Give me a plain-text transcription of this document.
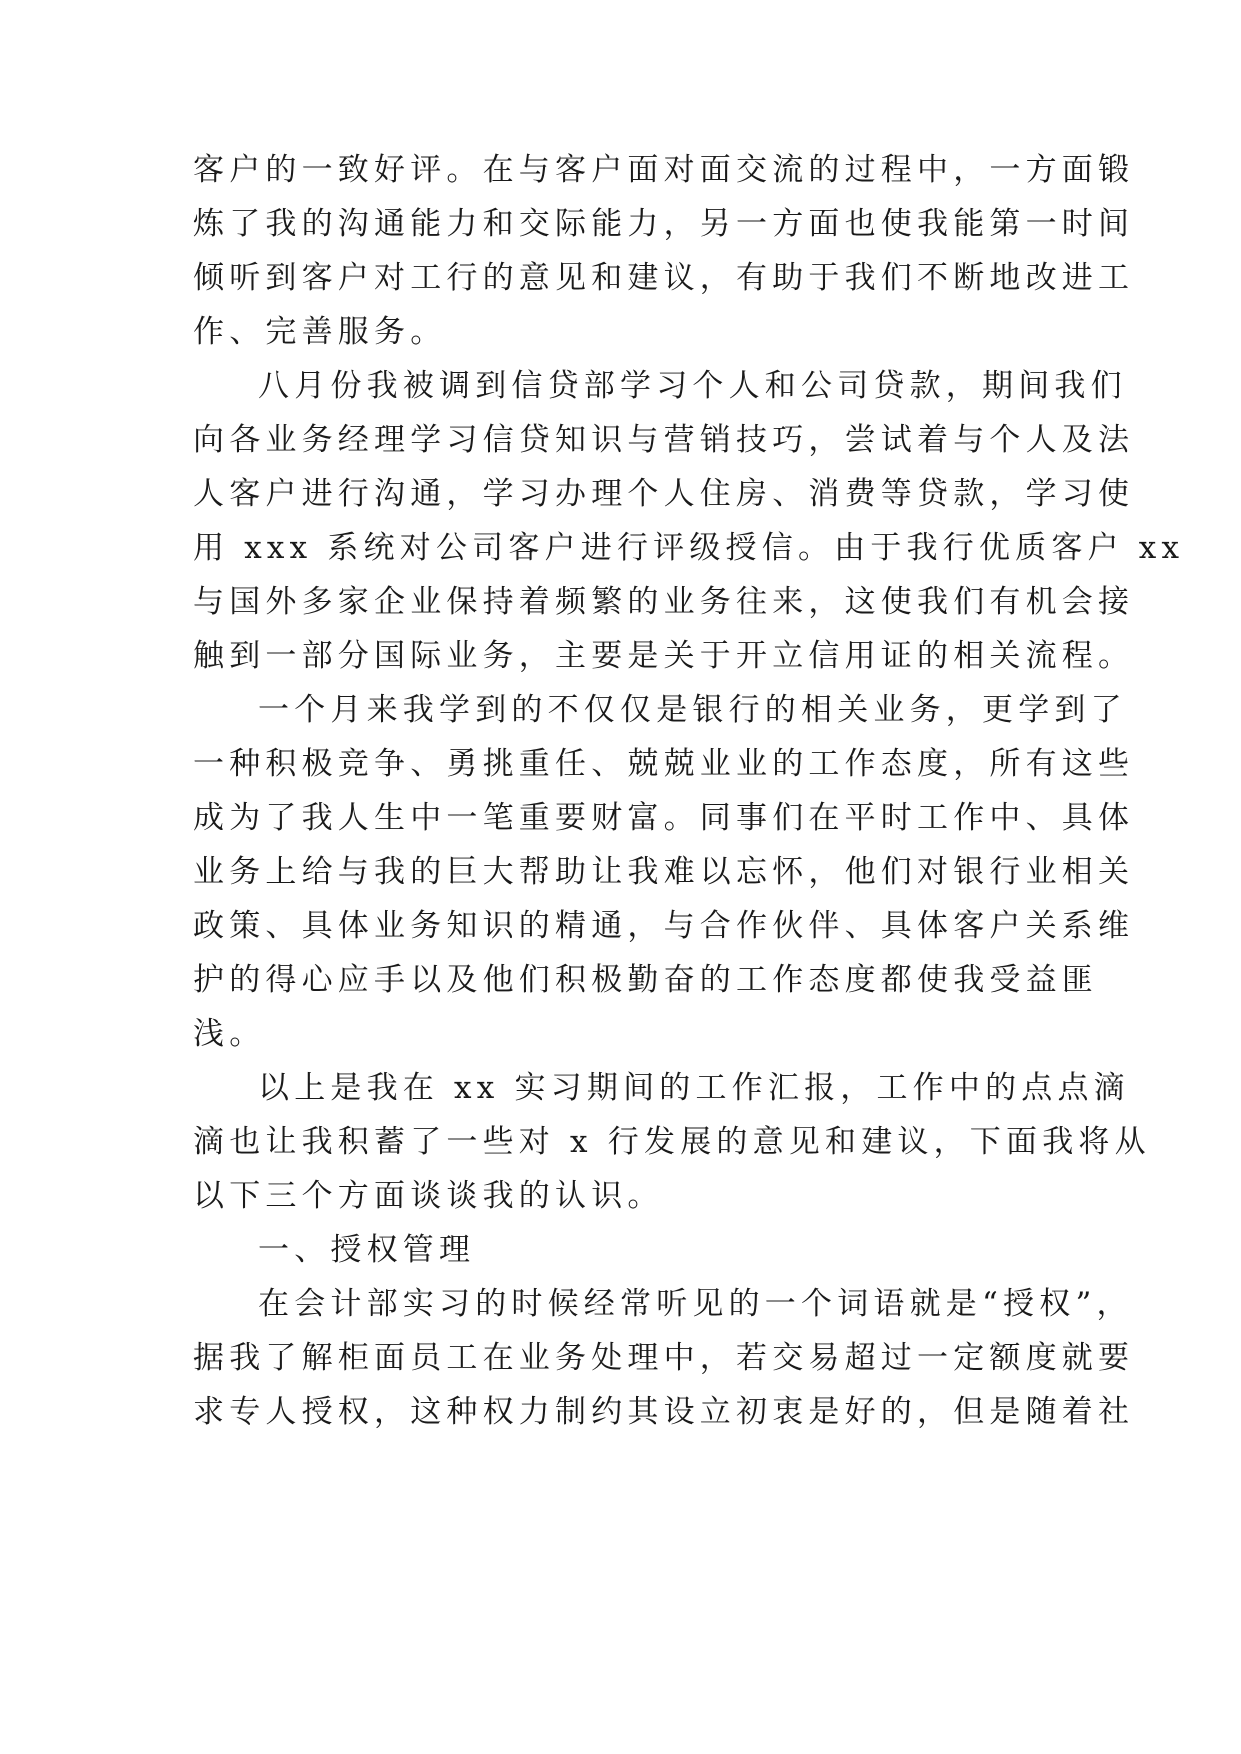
客户的一致好评。在与客户面对面交流的过程中，一方面锻
炼了我的沟通能力和交际能力，另一方面也使我能第一时间
倾听到客户对工行的意见和建议，有助于我们不断地改进工
作、完善服务。
八月份我被调到信贷部学习个人和公司贷款，期间我们
向各业务经理学习信贷知识与营销技巧，尝试着与个人及法
人客户进行沟通，学习办理个人住房、消费等贷款，学习使
用 xxx 系统对公司客户进行评级授信。由于我行优质客户 xx
与国外多家企业保持着频繁的业务往来，这使我们有机会接
触到一部分国际业务，主要是关于开立信用证的相关流程。
一个月来我学到的不仅仅是银行的相关业务，更学到了
一种积极竞争、勇挑重任、兢兢业业的工作态度，所有这些
成为了我人生中一笔重要财富。同事们在平时工作中、具体
业务上给与我的巨大帮助让我难以忘怀，他们对银行业相关
政策、具体业务知识的精通，与合作伙伴、具体客户关系维
护的得心应手以及他们积极勤奋的工作态度都使我受益匪
浅。
以上是我在 xx 实习期间的工作汇报，工作中的点点滴
滴也让我积蓄了一些对 x 行发展的意见和建议，下面我将从
以下三个方面谈谈我的认识。
一、授权管理
在会计部实习的时候经常听见的一个词语就是“授权”，
据我了解柜面员工在业务处理中，若交易超过一定额度就要
求专人授权，这种权力制约其设立初衷是好的，但是随着社
